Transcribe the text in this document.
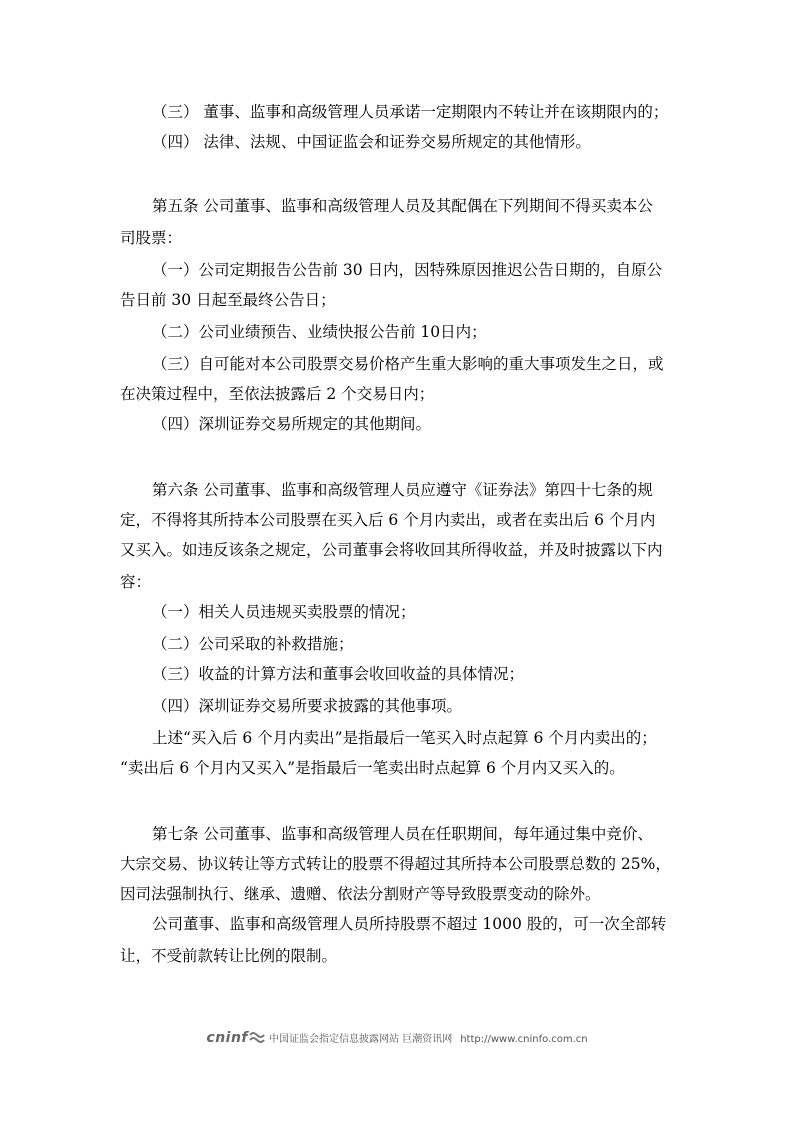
（三） 董事、监事和高级管理人员承诺一定期限内不转让并在该期限内的；
（四） 法律、法规、中国证监会和证券交易所规定的其他情形。
第五条 公司董事、监事和高级管理人员及其配偶在下列期间不得买卖本公
司股票：
（一）公司定期报告公告前 30 日内，因特殊原因推迟公告日期的，自原公
告日前 30 日起至最终公告日；
（二）公司业绩预告、业绩快报公告前 10日内；
（三）自可能对本公司股票交易价格产生重大影响的重大事项发生之日，或
在决策过程中，至依法披露后 2 个交易日内；
（四）深圳证券交易所规定的其他期间。
第六条 公司董事、监事和高级管理人员应遵守《证券法》第四十七条的规
定，不得将其所持本公司股票在买入后 6 个月内卖出，或者在卖出后 6 个月内
又买入。如违反该条之规定，公司董事会将收回其所得收益，并及时披露以下内
容：
（一）相关人员违规买卖股票的情况；
（二）公司采取的补救措施；
（三）收益的计算方法和董事会收回收益的具体情况；
（四）深圳证券交易所要求披露的其他事项。
上述“买入后 6 个月内卖出”是指最后一笔买入时点起算 6 个月内卖出的；
“卖出后 6 个月内又买入”是指最后一笔卖出时点起算 6 个月内又买入的。
第七条 公司董事、监事和高级管理人员在任职期间，每年通过集中竞价、
大宗交易、协议转让等方式转让的股票不得超过其所持本公司股票总数的 25%，
因司法强制执行、继承、遗赠、依法分割财产等导致股票变动的除外。
公司董事、监事和高级管理人员所持股票不超过 1000 股的，可一次全部转
让，不受前款转让比例的限制。
cninf 中国证监会指定信息披露网站 巨潮资讯网 http://www.cninfo.com.cn
